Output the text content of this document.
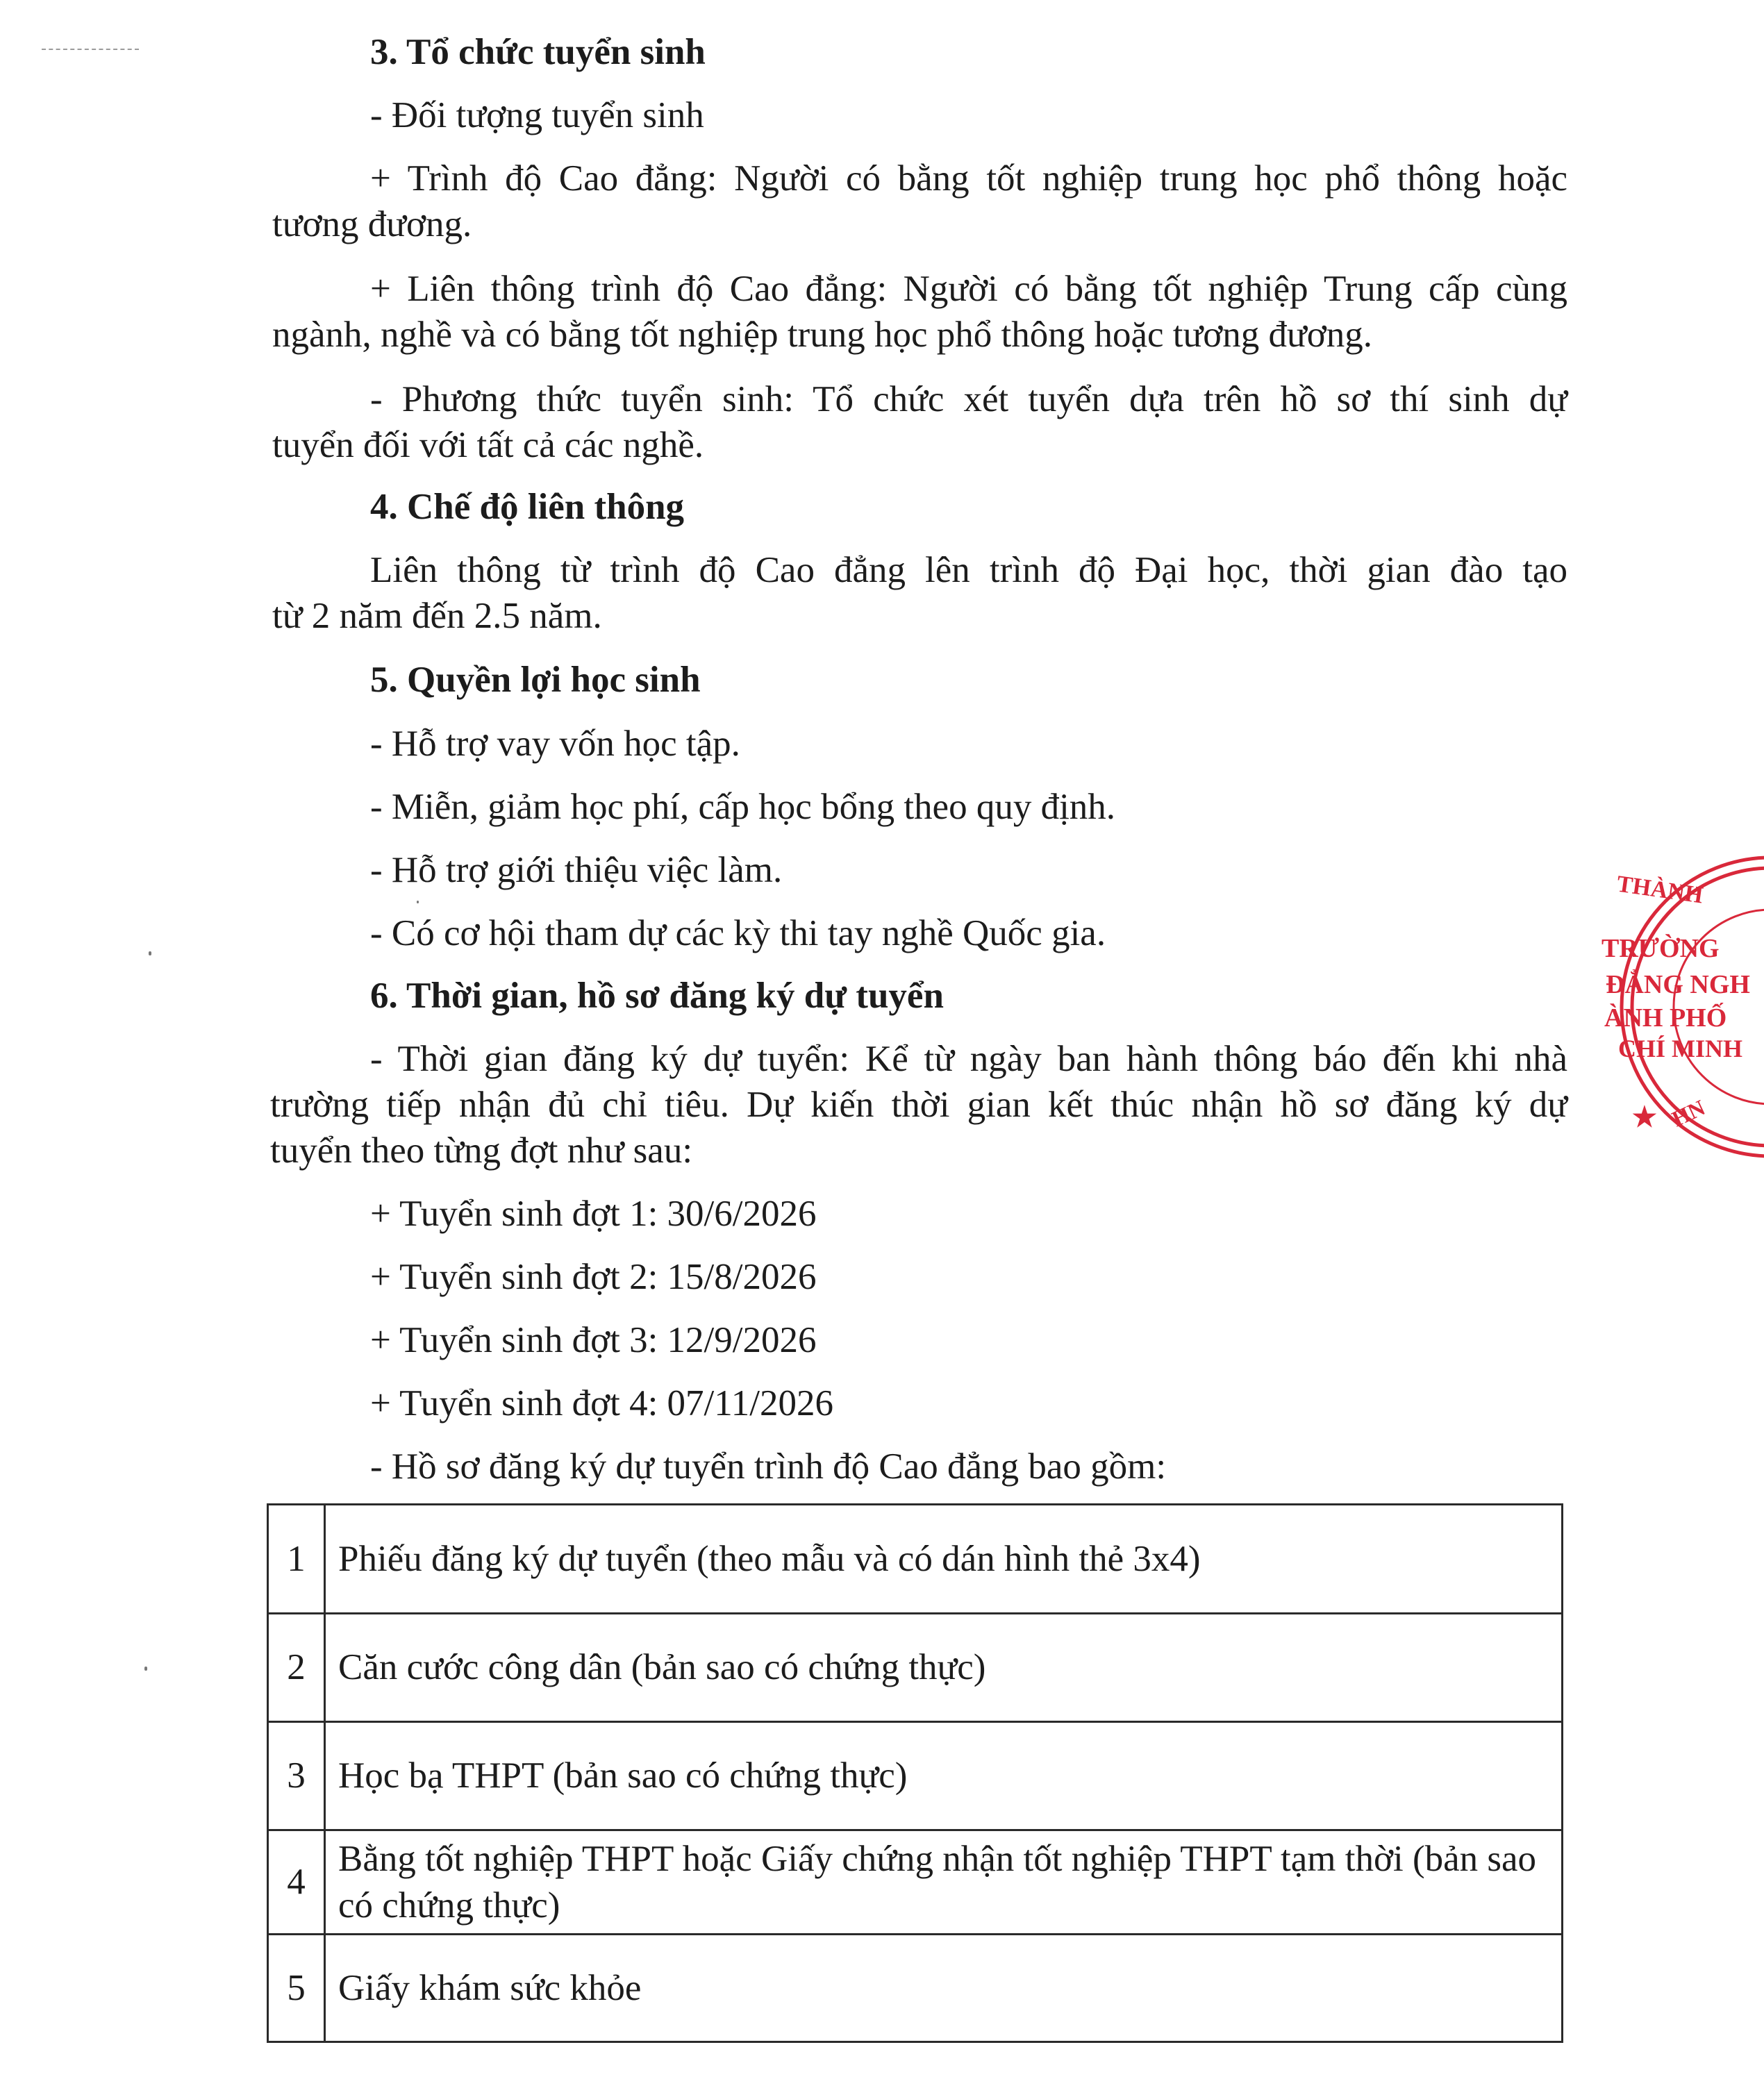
3. Tổ chức tuyển sinh
- Đối tượng tuyển sinh
+ Trình độ Cao đẳng: Người có bằng tốt nghiệp trung học phổ thông hoặc
tương đương.
+ Liên thông trình độ Cao đẳng: Người có bằng tốt nghiệp Trung cấp cùng
ngành, nghề và có bằng tốt nghiệp trung học phổ thông hoặc tương đương.
- Phương thức tuyển sinh: Tổ chức xét tuyển dựa trên hồ sơ thí sinh dự
tuyển đối với tất cả các nghề.
4. Chế độ liên thông
Liên thông từ trình độ Cao đẳng lên trình độ Đại học, thời gian đào tạo
từ 2 năm đến 2.5 năm.
5. Quyền lợi học sinh
- Hỗ trợ vay vốn học tập.
- Miễn, giảm học phí, cấp học bổng theo quy định.
- Hỗ trợ giới thiệu việc làm.
- Có cơ hội tham dự các kỳ thi tay nghề Quốc gia.
6. Thời gian, hồ sơ đăng ký dự tuyển
- Thời gian đăng ký dự tuyển: Kể từ ngày ban hành thông báo đến khi nhà
trường tiếp nhận đủ chỉ tiêu. Dự kiến thời gian kết thúc nhận hồ sơ đăng ký dự
tuyển theo từng đợt như sau:
+ Tuyển sinh đợt 1: 30/6/2026
+ Tuyển sinh đợt 2: 15/8/2026
+ Tuyển sinh đợt 3: 12/9/2026
+ Tuyển sinh đợt 4: 07/11/2026
- Hồ sơ đăng ký dự tuyển trình độ Cao đẳng bao gồm:
1	Phiếu đăng ký dự tuyển (theo mẫu và có dán hình thẻ 3x4)
2	Căn cước công dân (bản sao có chứng thực)
3	Học bạ THPT (bản sao có chứng thực)
4	Bằng tốt nghiệp THPT hoặc Giấy chứng nhận tốt nghiệp THPT tạm thời (bản sao có chứng thực)
5	Giấy khám sức khỏe
THÀNH
TRƯỜNG
ĐẲNG NGH
ÀNH PHỐ
CHÍ MINH
HN
★
